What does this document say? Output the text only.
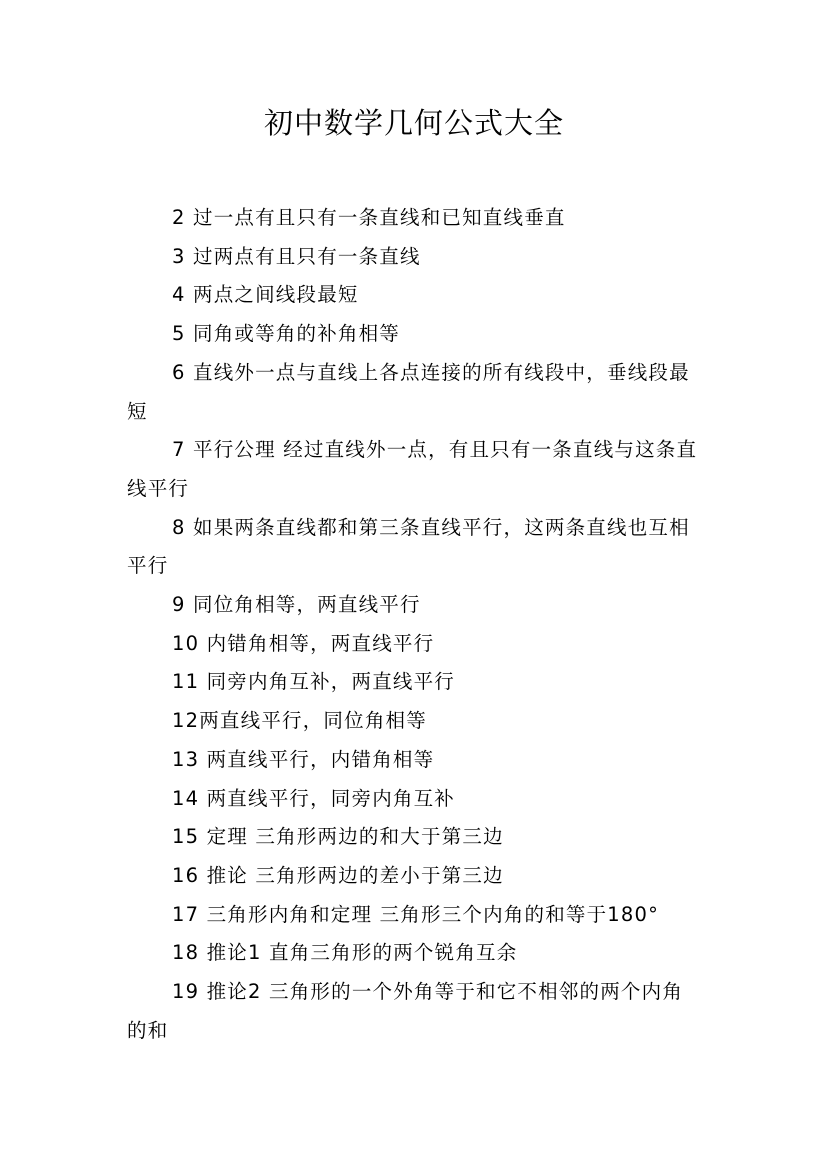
初中数学几何公式大全

2 过一点有且只有一条直线和已知直线垂直

3 过两点有且只有一条直线

4 两点之间线段最短

5 同角或等角的补角相等

6 直线外一点与直线上各点连接的所有线段中，垂线段最短

7 平行公理 经过直线外一点，有且只有一条直线与这条直线平行

8 如果两条直线都和第三条直线平行，这两条直线也互相平行

9 同位角相等，两直线平行

10 内错角相等，两直线平行

11 同旁内角互补，两直线平行

12两直线平行，同位角相等

13 两直线平行，内错角相等

14 两直线平行，同旁内角互补

15 定理 三角形两边的和大于第三边

16 推论 三角形两边的差小于第三边

17 三角形内角和定理 三角形三个内角的和等于180°

18 推论1 直角三角形的两个锐角互余

19 推论2 三角形的一个外角等于和它不相邻的两个内角的和
